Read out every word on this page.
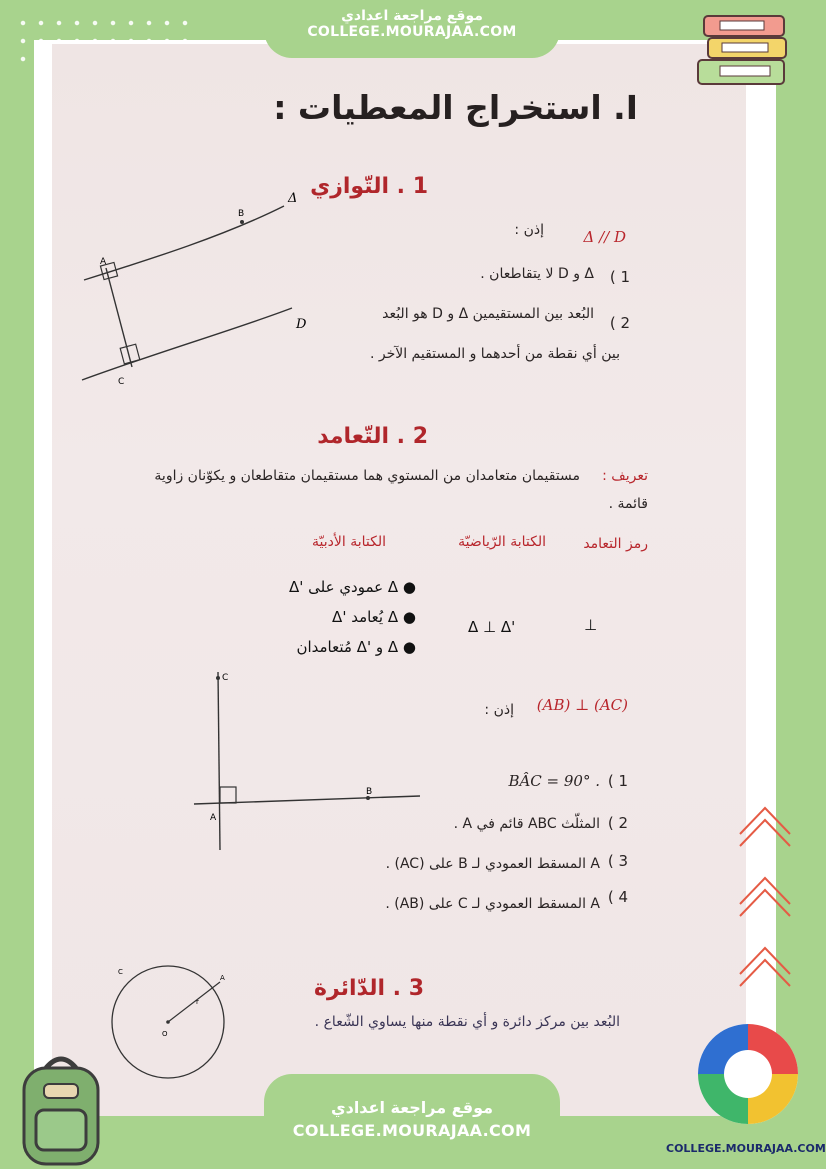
موقع مراجعة اعدادي
COLLEGE.MOURAJAA.COM
I. استخراج المعطيات :
1 . التّوازي
B
Δ
D
A
C
إذن :	Δ // D
1 )
Δ و D لا يتقاطعان .
2 )
البُعد بين المستقيمين Δ و D هو البُعد
بين أي نقطة من أحدهما و المستقيم الآخر .
2 . التّعامد
تعريف :
مستقيمان متعامدان من المستوي هما مستقيمان متقاطعان و يكوّنان زاوية
قائمة .
رمز التعامد
الكتابة الرّياضيّة
الكتابة الأدبيّة
● Δ عمودي على 'Δ
● Δ يُعامد 'Δ
● Δ و 'Δ مُتعامدان
Δ ⊥ Δ'	⊥
C
B
A
إذن : (AB) ⊥ (AC)
1 )
BÂC = 90° .
2 )
المثلّث ABC قائم في A .
3 )
A المسقط العمودي لـ B على (AC) .
4 )
A المسقط العمودي لـ C على (AB) .
3 . الدّائرة
O
A
C
r
البُعد بين مركز دائرة و أي نقطة منها يساوي الشّعاع .
موقع مراجعة اعدادي
COLLEGE.MOURAJAA.COM
COLLEGE.MOURAJAA.COM
